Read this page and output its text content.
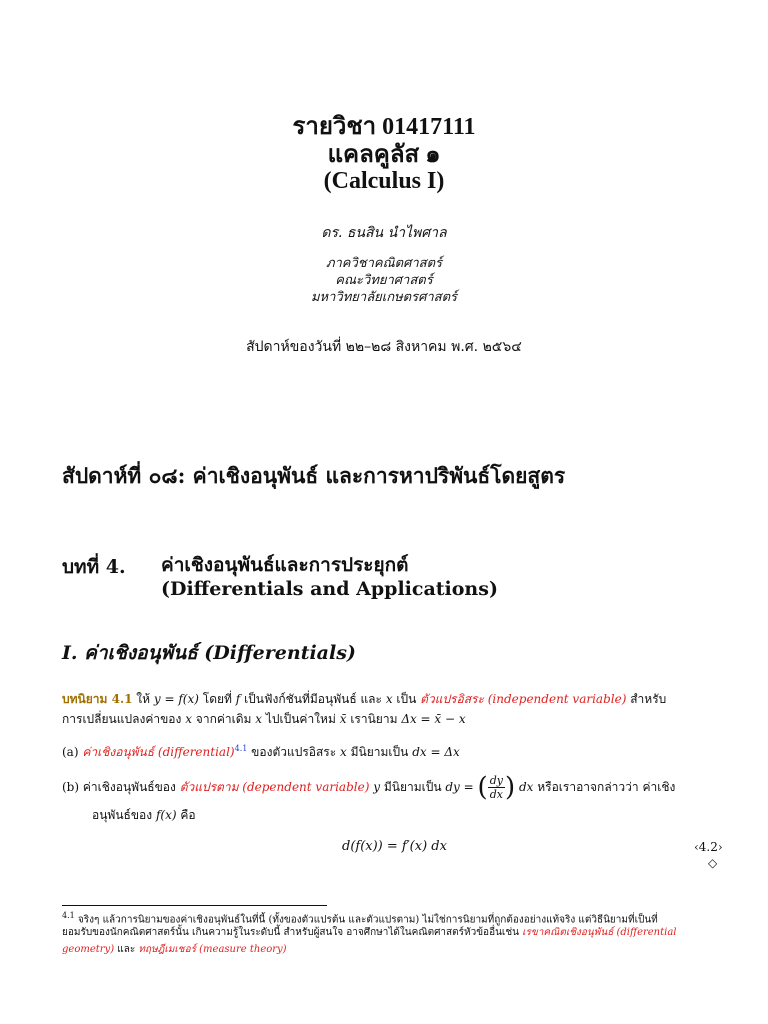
รายวิชา 01417111
แคลคูลัส ๑
(Calculus I)
ดร. ธนสิน นำไพศาล
ภาควิชาคณิตศาสตร์
คณะวิทยาศาสตร์
มหาวิทยาลัยเกษตรศาสตร์
สัปดาห์ของวันที่ ๒๒–๒๘ สิงหาคม พ.ศ. ๒๕๖๔
สัปดาห์ที่ ๐๘: ค่าเชิงอนุพันธ์ และการหาปริพันธ์โดยสูตร
บทที่ 4. ค่าเชิงอนุพันธ์และการประยุกต์
(Differentials and Applications)
I. ค่าเชิงอนุพันธ์ (Differentials)
บทนิยาม 4.1 ให้ y = f(x) โดยที่ f เป็นฟังก์ชันที่มีอนุพันธ์ และ x เป็น ตัวแปรอิสระ (independent variable) สำหรับ
การเปลี่ยนแปลงค่าของ x จากค่าเดิม x ไปเป็นค่าใหม่ x̄ เรานิยาม Δx = x̄ − x
(a) ค่าเชิงอนุพันธ์ (differential)$^{4.1}$ ของตัวแปรอิสระ x มีนิยามเป็น dx = Δx
(b) ค่าเชิงอนุพันธ์ของ ตัวแปรตาม (dependent variable) y มีนิยามเป็น dy = ( $\frac{dy}{dx}$ ) dx หรือเราอาจกล่าวว่า ค่าเชิง
อนุพันธ์ของ f(x) คือ
d(f(x)) = f′(x) dx	‹4.2›
◇
$^{4.1}$ จริงๆ แล้วการนิยามของค่าเชิงอนุพันธ์ในที่นี้ (ทั้งของตัวแปรต้น และตัวแปรตาม) ไม่ใช่การนิยามที่ถูกต้องอย่างแท้จริง แต่วิธีนิยามที่เป็นที่
ยอมรับของนักคณิตศาสตร์นั้น เกินความรู้ในระดับนี้ สำหรับผู้สนใจ อาจศึกษาได้ในคณิตศาสตร์หัวข้ออื่นเช่น เรขาคณิตเชิงอนุพันธ์ (differential
geometry) และ ทฤษฎีเมเชอร์ (measure theory)
